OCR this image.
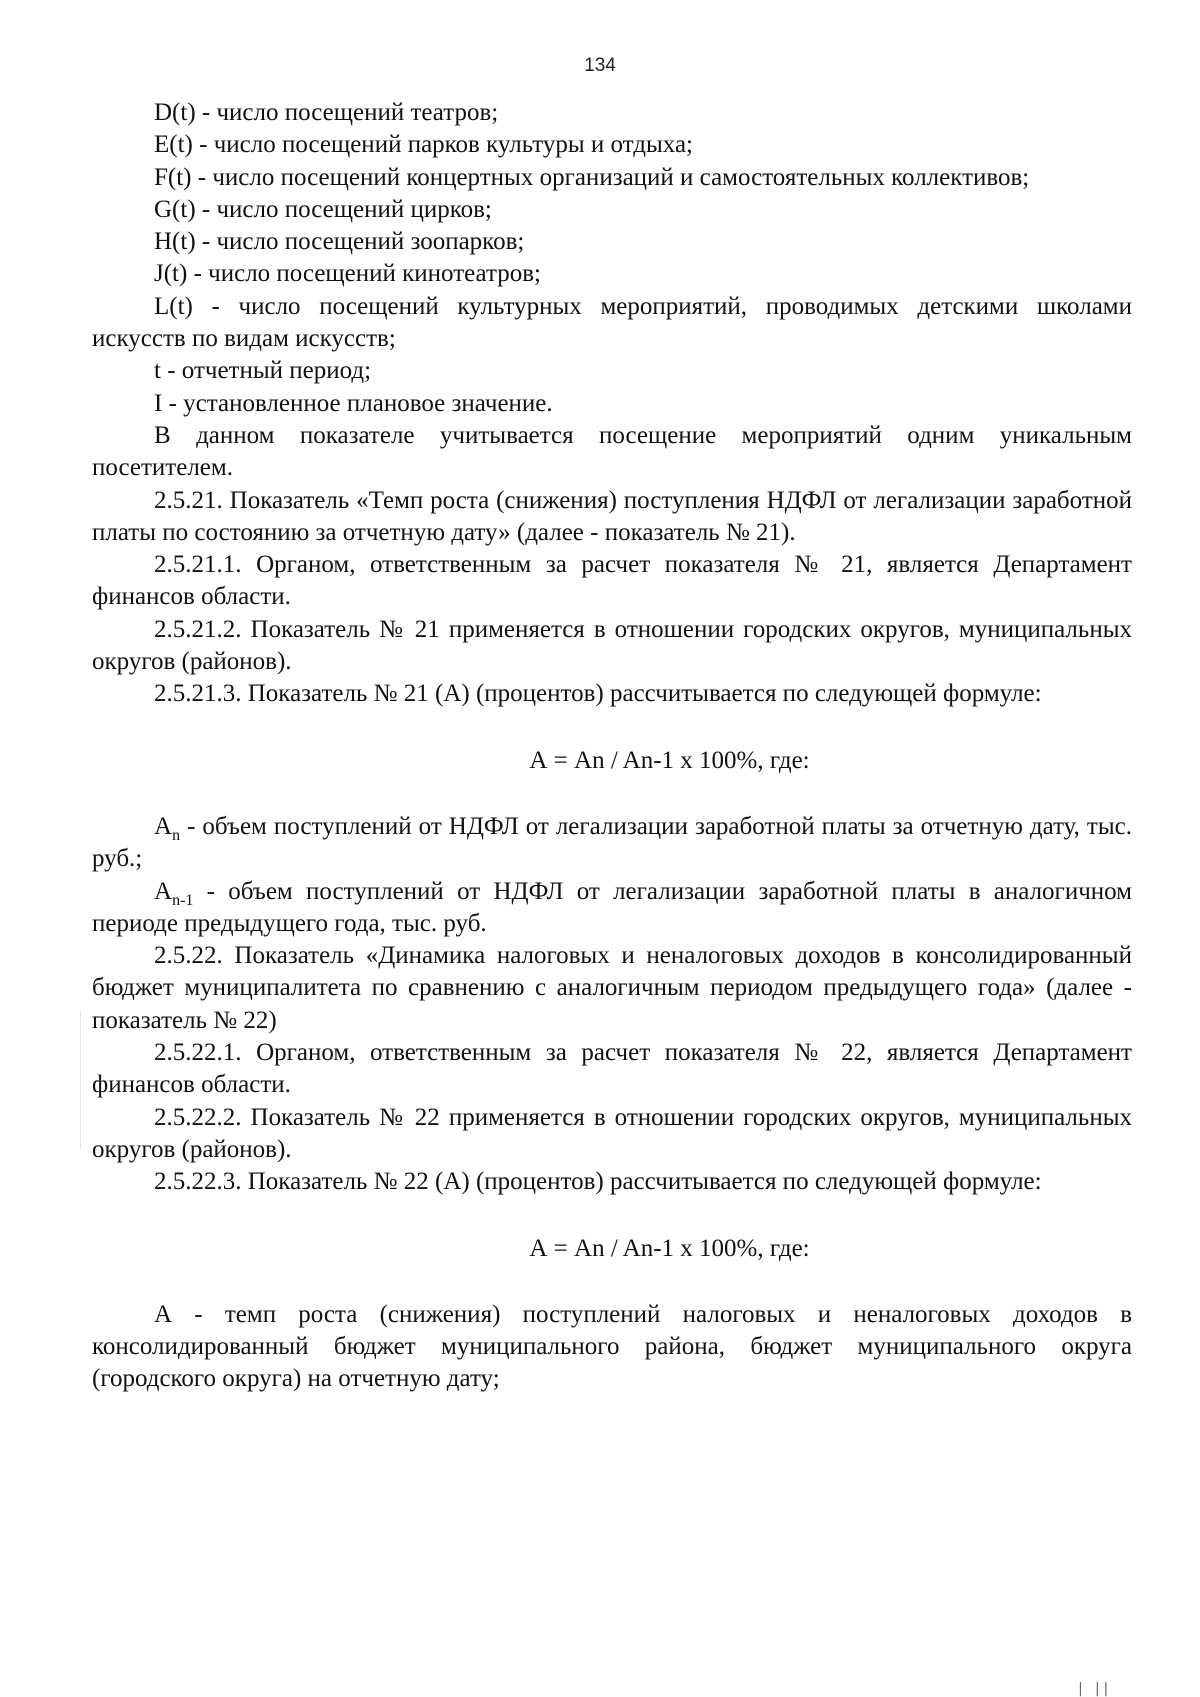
134

D(t) - число посещений театров;

E(t) - число посещений парков культуры и отдыха;

F(t) - число посещений концертных организаций и самостоятельных коллективов;

G(t) - число посещений цирков;

H(t) - число посещений зоопарков;

J(t) - число посещений кинотеатров;

L(t) - число посещений культурных мероприятий, проводимых детскими школами искусств по видам искусств;

t - отчетный период;

I - установленное плановое значение.

В данном показателе учитывается посещение мероприятий одним уникальным посетителем.

2.5.21. Показатель «Темп роста (снижения) поступления НДФЛ от легализации заработной платы по состоянию за отчетную дату» (далее - показатель № 21).

2.5.21.1. Органом, ответственным за расчет показателя № 21, является Департамент финансов области.

2.5.21.2. Показатель № 21 применяется в отношении городских округов, муниципальных округов (районов).

2.5.21.3. Показатель № 21 (А) (процентов) рассчитывается по следующей формуле:

А = An / An-1 x 100%, где:

$A_n$ - объем поступлений от НДФЛ от легализации заработной платы за отчетную дату, тыс. руб.;

$A_{n-1}$ - объем поступлений от НДФЛ от легализации заработной платы в аналогичном периоде предыдущего года, тыс. руб.

2.5.22. Показатель «Динамика налоговых и неналоговых доходов в консолидированный бюджет муниципалитета по сравнению с аналогичным периодом предыдущего года» (далее - показатель № 22)

2.5.22.1. Органом, ответственным за расчет показателя № 22, является Департамент финансов области.

2.5.22.2. Показатель № 22 применяется в отношении городских округов, муниципальных округов (районов).

2.5.22.3. Показатель № 22 (А) (процентов) рассчитывается по следующей формуле:

А = An / An-1 x 100%, где:

А - темп роста (снижения) поступлений налоговых и неналоговых доходов в консолидированный бюджет муниципального района, бюджет муниципального округа (городского округа) на отчетную дату;

| ||
